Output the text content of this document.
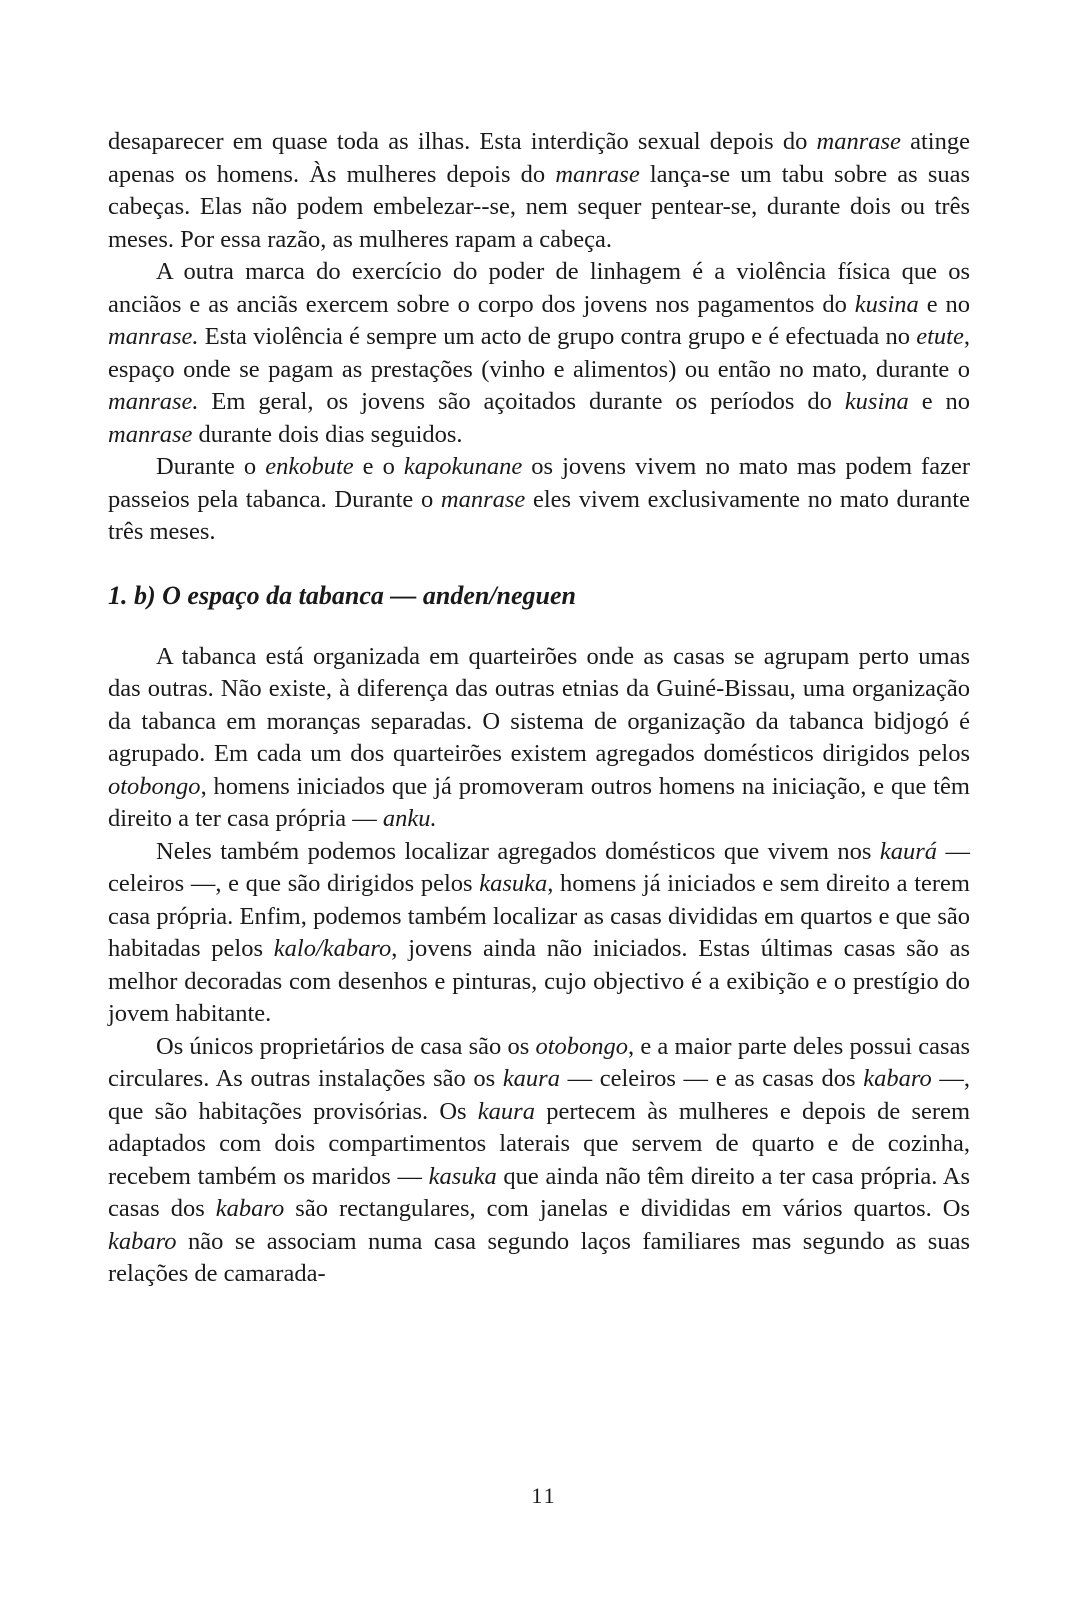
desaparecer em quase toda as ilhas. Esta interdição sexual depois do manrase atinge apenas os homens. Às mulheres depois do manrase lança-se um tabu sobre as suas cabeças. Elas não podem embelezar--se, nem sequer pentear-se, durante dois ou três meses. Por essa razão, as mulheres rapam a cabeça.

A outra marca do exercício do poder de linhagem é a violência física que os anciãos e as anciãs exercem sobre o corpo dos jovens nos pagamentos do kusina e no manrase. Esta violência é sempre um acto de grupo contra grupo e é efectuada no etute, espaço onde se pagam as prestações (vinho e alimentos) ou então no mato, durante o manrase. Em geral, os jovens são açoitados durante os períodos do kusina e no manrase durante dois dias seguidos.

Durante o enkobute e o kapokunane os jovens vivem no mato mas podem fazer passeios pela tabanca. Durante o manrase eles vivem exclusivamente no mato durante três meses.

1. b) O espaço da tabanca — anden/neguen

A tabanca está organizada em quarteirões onde as casas se agrupam perto umas das outras. Não existe, à diferença das outras etnias da Guiné-Bissau, uma organização da tabanca em moranças separadas. O sistema de organização da tabanca bidjogó é agrupado. Em cada um dos quarteirões existem agregados domésticos dirigidos pelos otobongo, homens iniciados que já promoveram outros homens na iniciação, e que têm direito a ter casa própria — anku.

Neles também podemos localizar agregados domésticos que vivem nos kaurá — celeiros —, e que são dirigidos pelos kasuka, homens já iniciados e sem direito a terem casa própria. Enfim, podemos também localizar as casas divididas em quartos e que são habitadas pelos kalo/kabaro, jovens ainda não iniciados. Estas últimas casas são as melhor decoradas com desenhos e pinturas, cujo objectivo é a exibição e o prestígio do jovem habitante.

Os únicos proprietários de casa são os otobongo, e a maior parte deles possui casas circulares. As outras instalações são os kaura — celeiros — e as casas dos kabaro —, que são habitações provisórias. Os kaura pertecem às mulheres e depois de serem adaptados com dois compartimentos laterais que servem de quarto e de cozinha, recebem também os maridos — kasuka que ainda não têm direito a ter casa própria. As casas dos kabaro são rectangulares, com janelas e divididas em vários quartos. Os kabaro não se associam numa casa segundo laços familiares mas segundo as suas relações de camarada-

11
